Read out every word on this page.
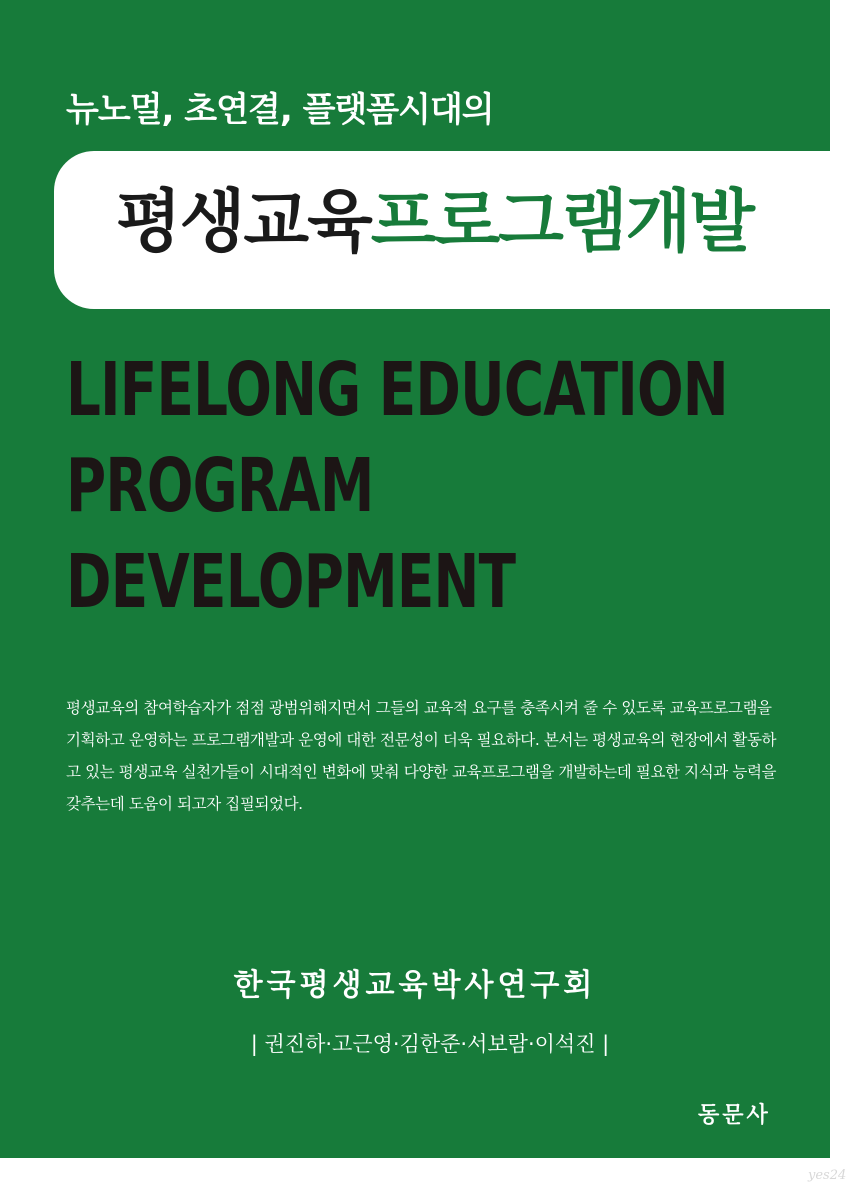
뉴노멀, 초연결, 플랫폼시대의
평생교육프로그램개발
LIFELONG EDUCATION
PROGRAM
DEVELOPMENT
평생교육의 참여학습자가 점점 광범위해지면서 그들의 교육적 요구를 충족시켜 줄 수 있도록 교육프로그램을 기획하고 운영하는 프로그램개발과 운영에 대한 전문성이 더욱 필요하다. 본서는 평생교육의 현장에서 활동하고 있는 평생교육 실천가들이 시대적인 변화에 맞춰 다양한 교육프로그램을 개발하는데 필요한 지식과 능력을 갖추는데 도움이 되고자 집필되었다.
한국평생교육박사연구회
| 권진하·고근영·김한준·서보람·이석진 |
동문사
yes24
